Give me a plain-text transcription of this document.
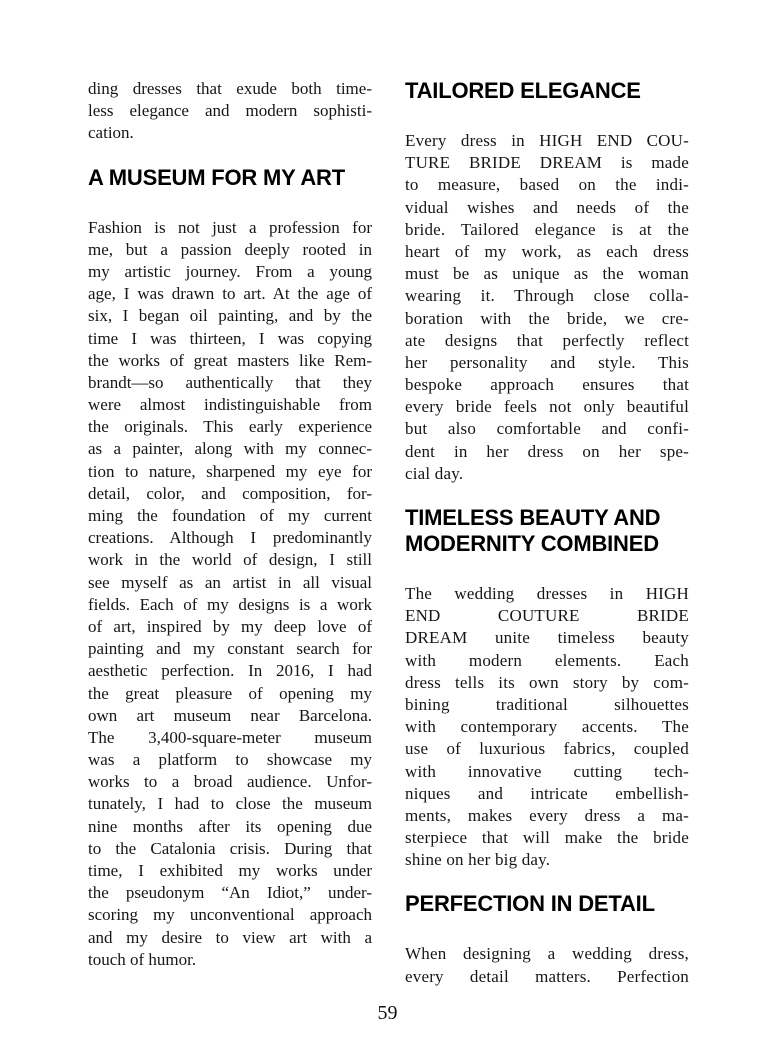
ding dresses that exude both time-
less elegance and modern sophisti-
cation.
A MUSEUM FOR MY ART
Fashion is not just a profession for
me, but a passion deeply rooted in
my artistic journey. From a young
age, I was drawn to art. At the age of
six, I began oil painting, and by the
time I was thirteen, I was copying
the works of great masters like Rem-
brandt—so authentically that they
were almost indistinguishable from
the originals. This early experience
as a painter, along with my connec-
tion to nature, sharpened my eye for
detail, color, and composition, for-
ming the foundation of my current
creations. Although I predominantly
work in the world of design, I still
see myself as an artist in all visual
fields. Each of my designs is a work
of art, inspired by my deep love of
painting and my constant search for
aesthetic perfection. In 2016, I had
the great pleasure of opening my
own art museum near Barcelona.
The 3,400-square-meter museum
was a platform to showcase my
works to a broad audience. Unfor-
tunately, I had to close the museum
nine months after its opening due
to the Catalonia crisis. During that
time, I exhibited my works under
the pseudonym “An Idiot,” under-
scoring my unconventional approach
and my desire to view art with a
touch of humor.
TAILORED ELEGANCE
Every dress in HIGH END COU-
TURE BRIDE DREAM is made
to measure, based on the indi-
vidual wishes and needs of the
bride. Tailored elegance is at the
heart of my work, as each dress
must be as unique as the woman
wearing it. Through close colla-
boration with the bride, we cre-
ate designs that perfectly reflect
her personality and style. This
bespoke approach ensures that
every bride feels not only beautiful
but also comfortable and confi-
dent in her dress on her spe-
cial day.
TIMELESS BEAUTY AND MODERNITY COMBINED
The wedding dresses in HIGH
END COUTURE BRIDE
DREAM unite timeless beauty
with modern elements. Each
dress tells its own story by com-
bining traditional silhouettes
with contemporary accents. The
use of luxurious fabrics, coupled
with innovative cutting tech-
niques and intricate embellish-
ments, makes every dress a ma-
sterpiece that will make the bride
shine on her big day.
PERFECTION IN DETAIL
When designing a wedding dress,
every detail matters. Perfection
59
